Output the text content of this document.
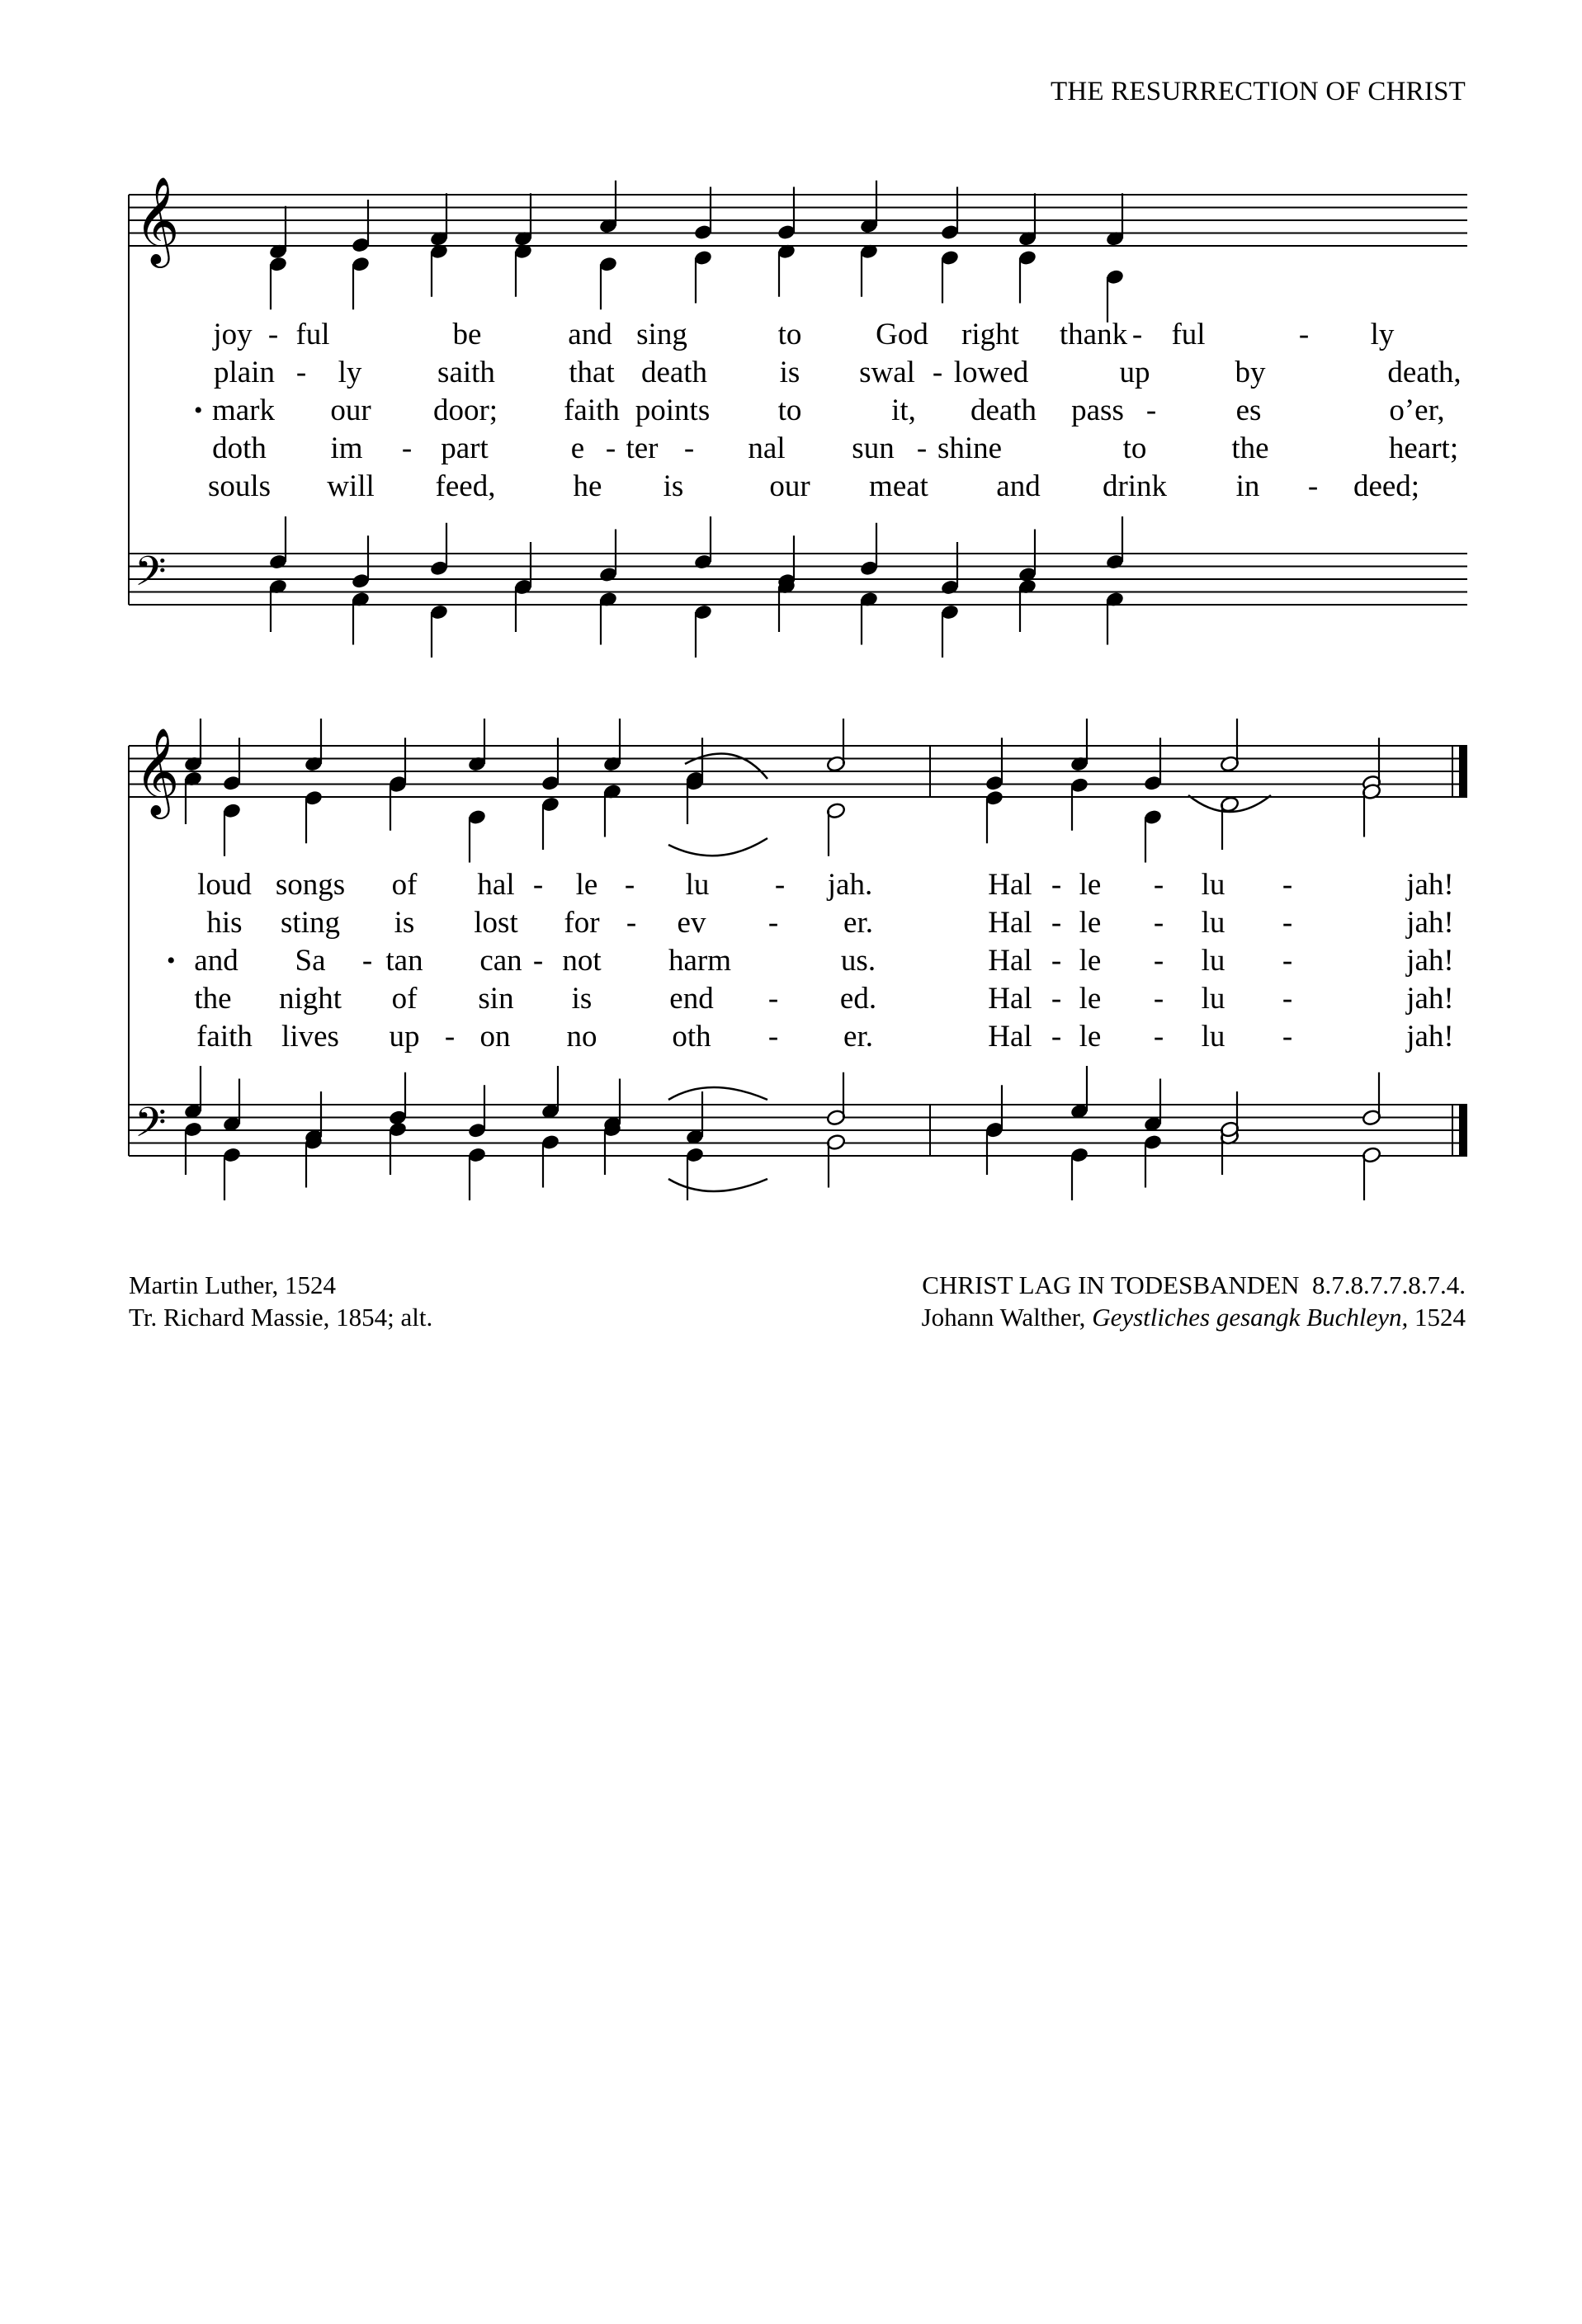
THE RESURRECTION OF CHRIST
𝄞
𝄢
𝄞
𝄢
joy - ful	be	and sing	to God right thank - ful	- ly
plain - ly saith that death is swal - lowed	up	by	death,
• mark our door; faith points to	it, death pass -	es	o’er,
doth im - part	e - ter - nal sun - shine	to	the	heart;
souls will feed,	he is	our meat and drink in - deed;
loud songs of hal - le - lu - jah.	Hal - le - lu -	jah!
his sting is lost for - ev - er.	Hal - le - lu -	jah!
• and Sa - tan can - not harm	us.	Hal - le - lu -	jah!
the night of sin is	end - ed.	Hal - le - lu -	jah!
faith lives up - on no oth - er.	Hal - le - lu -	jah!
Martin Luther, 1524
Tr. Richard Massie, 1854; alt.
CHRIST LAG IN TODESBANDEN 8.7.8.7.7.8.7.4.
Johann Walther, Geystliches gesangk Buchleyn, 1524
